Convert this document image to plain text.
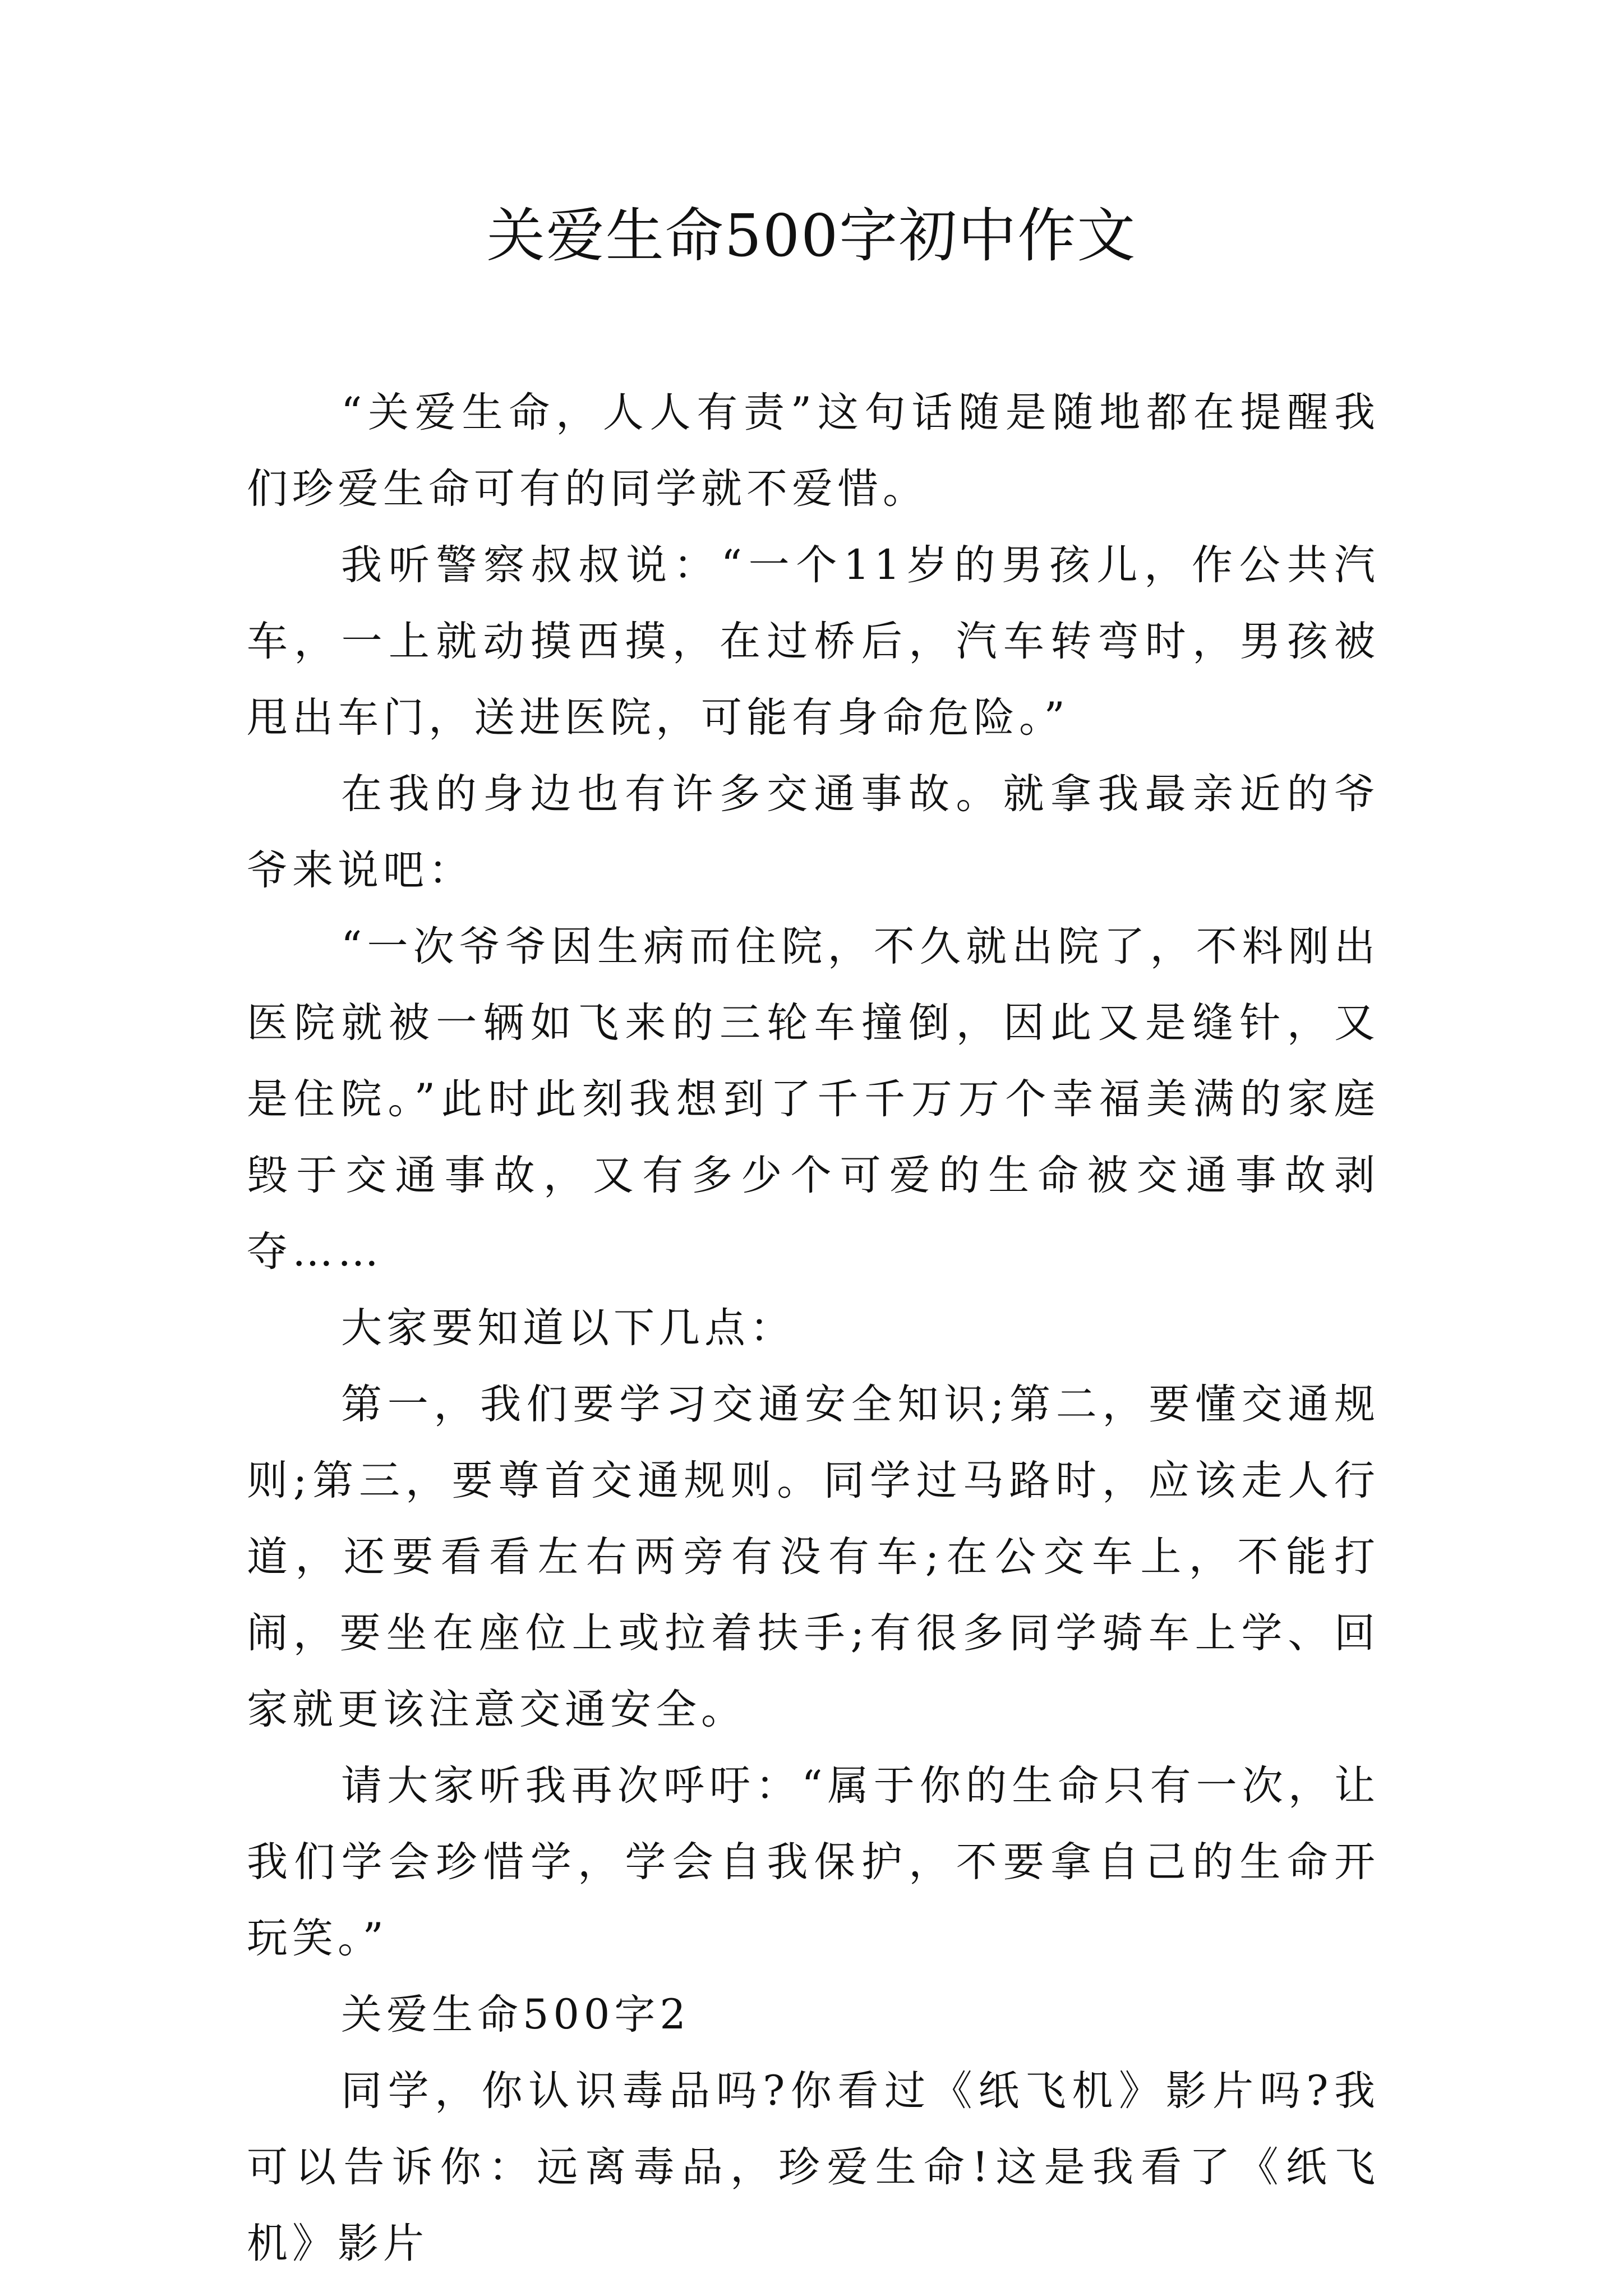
关爱生命500字初中作文

“关爱生命，人人有责”这句话随是随地都在提醒我们珍爱生命可有的同学就不爱惜。

我听警察叔叔说：“一个11岁的男孩儿，作公共汽车，一上就动摸西摸，在过桥后，汽车转弯时，男孩被甩出车门，送进医院，可能有身命危险。”

在我的身边也有许多交通事故。就拿我最亲近的爷爷来说吧：

“一次爷爷因生病而住院，不久就出院了，不料刚出医院就被一辆如飞来的三轮车撞倒，因此又是缝针，又是住院。”此时此刻我想到了千千万万个幸福美满的家庭毁于交通事故，又有多少个可爱的生命被交通事故剥夺……

大家要知道以下几点：

第一，我们要学习交通安全知识;第二，要懂交通规则;第三，要尊首交通规则。同学过马路时，应该走人行道，还要看看左右两旁有没有车;在公交车上，不能打闹，要坐在座位上或拉着扶手;有很多同学骑车上学、回家就更该注意交通安全。

请大家听我再次呼吁：“属于你的生命只有一次，让我们学会珍惜学，学会自我保护，不要拿自己的生命开玩笑。”

关爱生命500字2

同学，你认识毒品吗?你看过《纸飞机》影片吗?我可以告诉你：远离毒品，珍爱生命!这是我看了《纸飞机》影片
